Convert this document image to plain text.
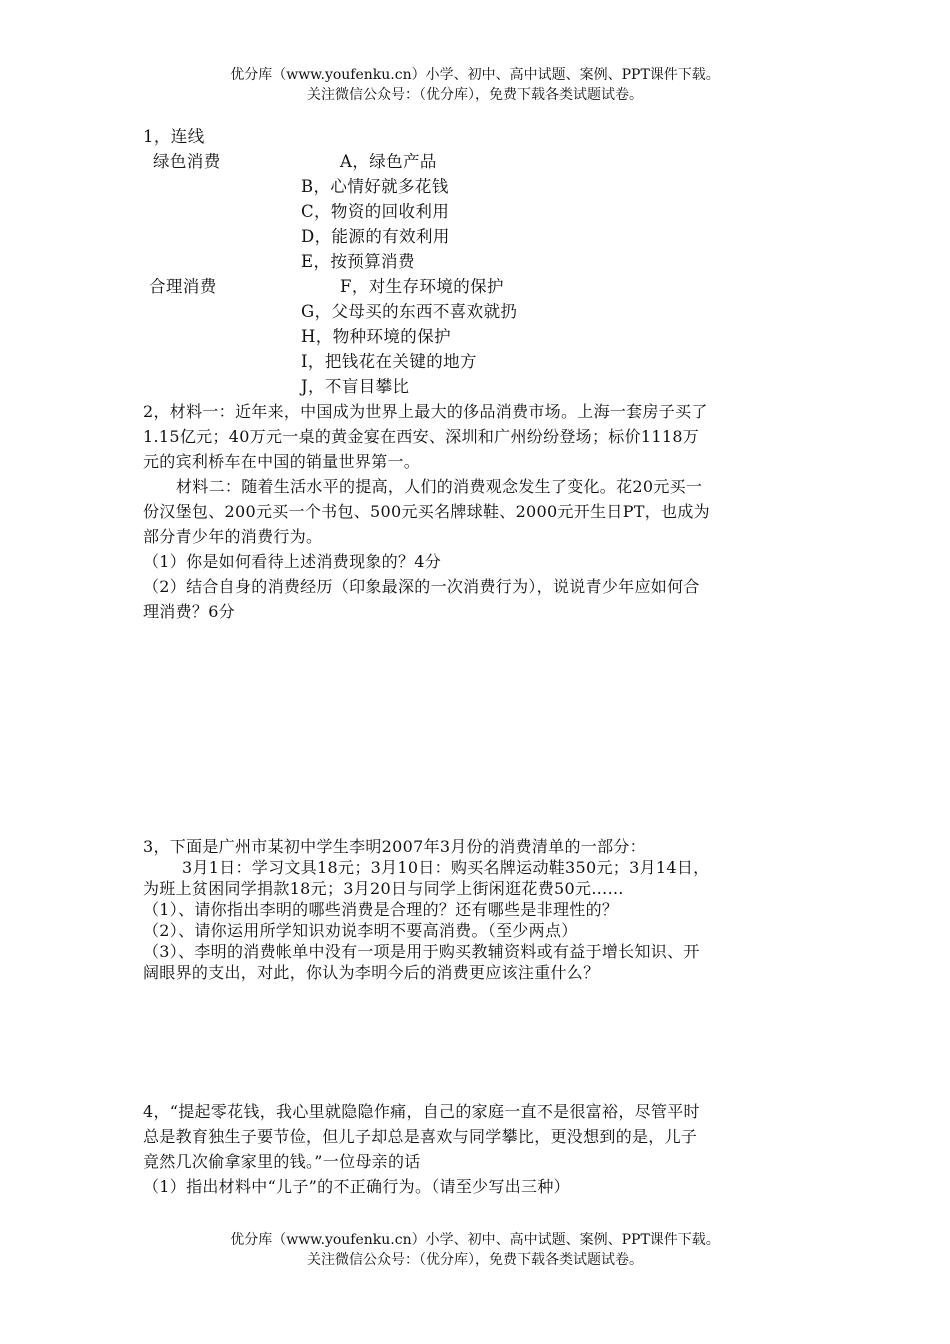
优分库（www.youfenku.cn）小学、初中、高中试题、案例、PPT课件下载。
关注微信公众号：（优分库），免费下载各类试题试卷。
1，连线
绿色消费	A，绿色产品
B，心情好就多花钱
C，物资的回收利用
D，能源的有效利用
E，按预算消费
合理消费	F，对生存环境的保护
G，父母买的东西不喜欢就扔
H，物种环境的保护
I，把钱花在关键的地方
J，不盲目攀比
2，材料一：近年来，中国成为世界上最大的侈品消费市场。上海一套房子买了
1.15亿元；40万元一桌的黄金宴在西安、深圳和广州纷纷登场；标价1118万
元的宾利桥车在中国的销量世界第一。
材料二：随着生活水平的提高，人们的消费观念发生了变化。花20元买一
份汉堡包、200元买一个书包、500元买名牌球鞋、2000元开生日PT，也成为
部分青少年的消费行为。
（1）你是如何看待上述消费现象的？4分
（2）结合自身的消费经历（印象最深的一次消费行为），说说青少年应如何合
理消费？6分
3，下面是广州市某初中学生李明2007年3月份的消费清单的一部分：
3月1日：学习文具18元；3月10日：购买名牌运动鞋350元；3月14日，
为班上贫困同学捐款18元；3月20日与同学上街闲逛花费50元……
（1）、请你指出李明的哪些消费是合理的？还有哪些是非理性的？
（2）、请你运用所学知识劝说李明不要高消费。（至少两点）
（3）、李明的消费帐单中没有一项是用于购买教辅资料或有益于增长知识、开
阔眼界的支出，对此，你认为李明今后的消费更应该注重什么？
4，“提起零花钱，我心里就隐隐作痛，自己的家庭一直不是很富裕，尽管平时
总是教育独生子要节俭，但儿子却总是喜欢与同学攀比，更没想到的是，儿子
竟然几次偷拿家里的钱。”一位母亲的话
（1）指出材料中“儿子”的不正确行为。（请至少写出三种）
优分库（www.youfenku.cn）小学、初中、高中试题、案例、PPT课件下载。
关注微信公众号：（优分库），免费下载各类试题试卷。
